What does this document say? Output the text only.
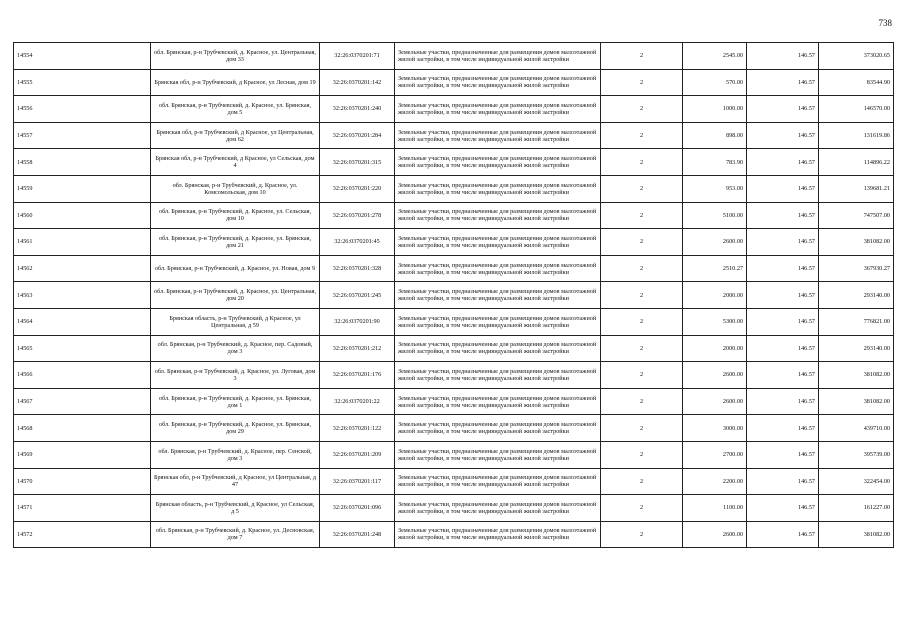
738
14554	обл. Брянская, р-н Трубчевский, д. Красное, ул. Центральная, дом 33	32:26:0370201:71	Земельные участки, предназначенные для размещения домов малоэтажной жилой застройки, в том числе индивидуальной жилой застройки	2	2545.00	146.57	373020.65
14555	Брянская обл, р-н Трубчевский, д Красное, ул Лесная, дом 19	32:26:0370201:142	Земельные участки, предназначенные для размещения домов малоэтажной жилой застройки, в том числе индивидуальной жилой застройки	2	570.00	146.57	83544.90
14556	обл. Брянская, р-н Трубчевский, д. Красное, ул. Брянская, дом 5	32:26:0370201:240	Земельные участки, предназначенные для размещения домов малоэтажной жилой застройки, в том числе индивидуальной жилой застройки	2	1000.00	146.57	146570.00
14557	Брянская обл, р-н Трубчевский, д Красное, ул Центральная, дом 62	32:26:0370201:284	Земельные участки, предназначенные для размещения домов малоэтажной жилой застройки, в том числе индивидуальной жилой застройки	2	898.00	146.57	131619.86
14558	Брянская обл, р-н Трубчевский, д Красное, ул Сельская, дом 4	32:26:0370201:315	Земельные участки, предназначенные для размещения домов малоэтажной жилой застройки, в том числе индивидуальной жилой застройки	2	783.90	146.57	114896.22
14559	обл. Брянская, р-н Трубчевский, д. Красное, ул. Комсомольская, дом 10	32:26:0370201:220	Земельные участки, предназначенные для размещения домов малоэтажной жилой застройки, в том числе индивидуальной жилой застройки	2	953.00	146.57	139681.21
14560	обл. Брянская, р-н Трубчевский, д. Красное, ул. Сельская, дом 10	32:26:0370201:278	Земельные участки, предназначенные для размещения домов малоэтажной жилой застройки, в том числе индивидуальной жилой застройки	2	5100.00	146.57	747507.00
14561	обл. Брянская, р-н Трубчевский, д. Красное, ул. Брянская, дом 21	32:26:0370201:45	Земельные участки, предназначенные для размещения домов малоэтажной жилой застройки, в том числе индивидуальной жилой застройки	2	2600.00	146.57	381082.00
14562	обл. Брянская, р-н Трубчевский, д. Красное, ул. Новая, дом 9	32:26:0370201:328	Земельные участки, предназначенные для размещения домов малоэтажной жилой застройки, в том числе индивидуальной жилой застройки	2	2510.27	146.57	367930.27
14563	обл. Брянская, р-н Трубчевский, д. Красное, ул. Центральная, дом 20	32:26:0370201:245	Земельные участки, предназначенные для размещения домов малоэтажной жилой застройки, в том числе индивидуальной жилой застройки	2	2000.00	146.57	293140.00
14564	Брянская область, р-н Трубчевский, д Красное, ул Центральная, д 59	32:26:0370201:90	Земельные участки, предназначенные для размещения домов малоэтажной жилой застройки, в том числе индивидуальной жилой застройки	2	5300.00	146.57	776821.00
14565	обл. Брянская, р-н Трубчевский, д. Красное, пер. Садовый, дом 3	32:26:0370201:212	Земельные участки, предназначенные для размещения домов малоэтажной жилой застройки, в том числе индивидуальной жилой застройки	2	2000.00	146.57	293140.00
14566	обл. Брянская, р-н Трубчевский, д. Красное, ул. Луговая, дом 3	32:26:0370201:176	Земельные участки, предназначенные для размещения домов малоэтажной жилой застройки, в том числе индивидуальной жилой застройки	2	2600.00	146.57	381082.00
14567	обл. Брянская, р-н Трубчевский, д. Красное, ул. Брянская, дом 1	32:26:0370201:22	Земельные участки, предназначенные для размещения домов малоэтажной жилой застройки, в том числе индивидуальной жилой застройки	2	2600.00	146.57	381082.00
14568	обл. Брянская, р-н Трубчевский, д. Красное, ул. Брянская, дом 29	32:26:0370201:122	Земельные участки, предназначенные для размещения домов малоэтажной жилой застройки, в том числе индивидуальной жилой застройки	2	3000.00	146.57	439710.00
14569	обл. Брянская, р-н Трубчевский, д. Красное, пер. Сенской, дом 3	32:26:0370201:209	Земельные участки, предназначенные для размещения домов малоэтажной жилой застройки, в том числе индивидуальной жилой застройки	2	2700.00	146.57	395739.00
14570	Брянская обл, р-н Трубчевский, д Красное, ул Центральная, д 47	32:26:0370201:117	Земельные участки, предназначенные для размещения домов малоэтажной жилой застройки, в том числе индивидуальной жилой застройки	2	2200.00	146.57	322454.00
14571	Брянская область, р-н Трубчевский, д Красное, ул Сельская, д 5	32:26:0370201:096	Земельные участки, предназначенные для размещения домов малоэтажной жилой застройки, в том числе индивидуальной жилой застройки	2	1100.00	146.57	161227.00
14572	обл. Брянская, р-н Трубчевский, д. Красное, ул. Десновская, дом 7	32:26:0370201:248	Земельные участки, предназначенные для размещения домов малоэтажной жилой застройки, в том числе индивидуальной жилой застройки	2	2600.00	146.57	381082.00
